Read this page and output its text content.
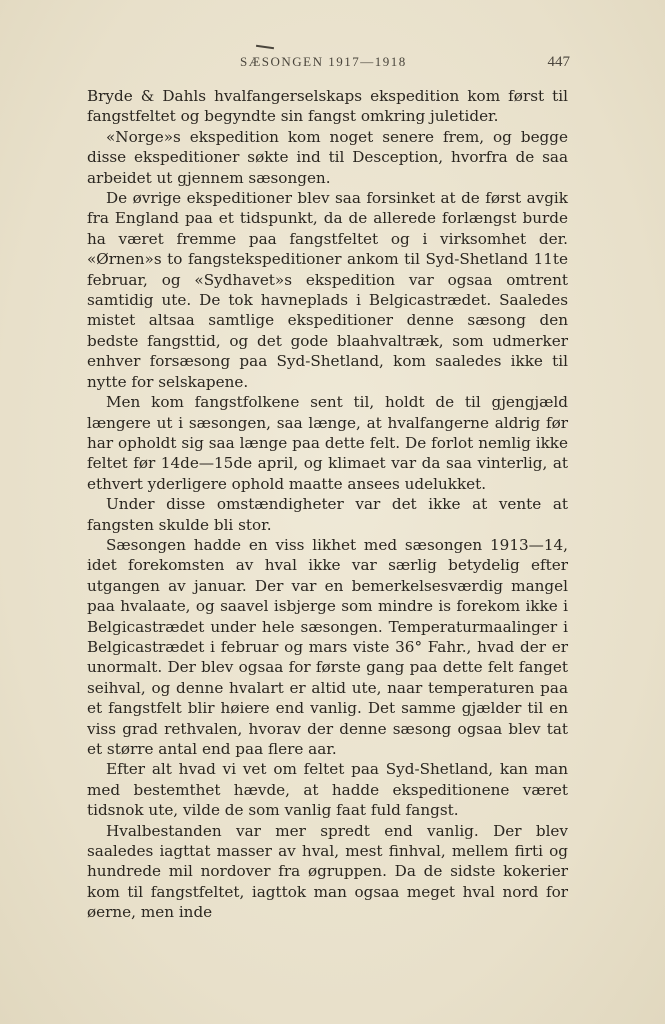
SÆSONGEN 1917—1918	447

Bryde & Dahls hvalfangerselskaps ekspedition kom først til fangstfeltet og begyndte sin fangst omkring juletider.

«Norge»s ekspedition kom noget senere frem, og begge disse ekspeditioner søkte ind til Desception, hvorfra de saa arbeidet ut gjennem sæsongen.

De øvrige ekspeditioner blev saa forsinket at de først avgik fra England paa et tidspunkt, da de allerede forlængst burde ha været fremme paa fangstfeltet og i virksomhet der. «Ørnen»s to fangstekspeditioner ankom til Syd-Shetland 11te februar, og «Sydhavet»s ekspedition var ogsaa omtrent samtidig ute. De tok havneplads i Belgicastrædet. Saaledes mistet altsaa samtlige ekspeditioner denne sæsong den bedste fangsttid, og det gode blaahvaltræk, som udmerker enhver forsæsong paa Syd-Shetland, kom saaledes ikke til nytte for selskapene.

Men kom fangstfolkene sent til, holdt de til gjengjæld længere ut i sæsongen, saa længe, at hvalfangerne aldrig før har opholdt sig saa længe paa dette felt. De forlot nemlig ikke feltet før 14de—15de april, og klimaet var da saa vinterlig, at ethvert yderligere ophold maatte ansees udelukket.

Under disse omstændigheter var det ikke at vente at fangsten skulde bli stor.

Sæsongen hadde en viss likhet med sæsongen 1913—14, idet forekomsten av hval ikke var særlig betydelig efter utgangen av januar. Der var en bemerkelsesværdig mangel paa hvalaate, og saavel isbjerge som mindre is forekom ikke i Belgicastrædet under hele sæsongen. Temperaturmaalinger i Belgicastrædet i februar og mars viste 36° Fahr., hvad der er unormalt. Der blev ogsaa for første gang paa dette felt fanget seihval, og denne hvalart er altid ute, naar temperaturen paa et fangstfelt blir høiere end vanlig. Det samme gjælder til en viss grad rethvalen, hvorav der denne sæsong ogsaa blev tat et større antal end paa flere aar.

Efter alt hvad vi vet om feltet paa Syd-Shetland, kan man med bestemthet hævde, at hadde ekspeditionene været tidsnok ute, vilde de som vanlig faat fuld fangst.

Hvalbestanden var mer spredt end vanlig. Der blev saaledes iagttat masser av hval, mest finhval, mellem firti og hundrede mil nordover fra øgruppen. Da de sidste kokerier kom til fangstfeltet, iagttok man ogsaa meget hval nord for øerne, men inde
